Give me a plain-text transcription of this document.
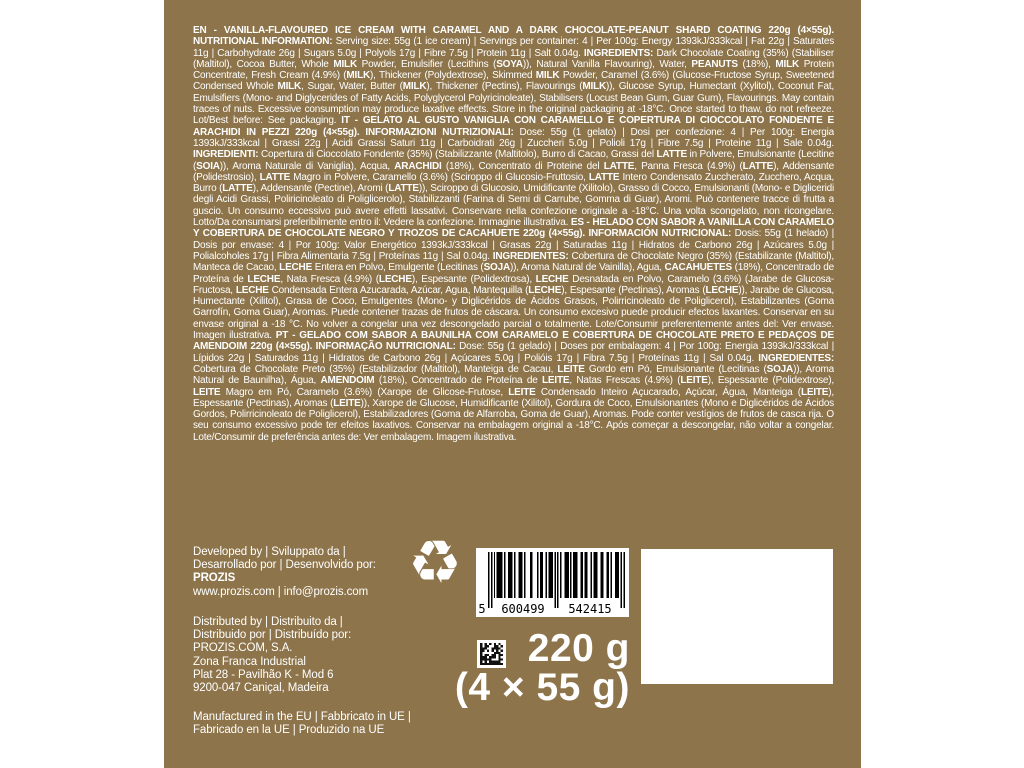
EN - VANILLA-FLAVOURED ICE CREAM WITH CARAMEL AND A DARK CHOCOLATE-PEANUT SHARD COATING 220g (4×55g). NUTRITIONAL INFORMATION: Serving size: 55g (1 ice cream) | Servings per container: 4 | Per 100g: Energy 1393kJ/333kcal | Fat 22g | Saturates 11g | Carbohydrate 26g | Sugars 5.0g | Polyols 17g | Fibre 7.5g | Protein 11g | Salt 0.04g. INGREDIENTS: Dark Chocolate Coating (35%) (Stabiliser (Maltitol), Cocoa Butter, Whole MILK Powder, Emulsifier (Lecithins (SOYA)), Natural Vanilla Flavouring), Water, PEANUTS (18%), MILK Protein Concentrate, Fresh Cream (4.9%) (MILK), Thickener (Polydextrose), Skimmed MILK Powder, Caramel (3.6%) (Glucose-Fructose Syrup, Sweetened Condensed Whole MILK, Sugar, Water, Butter (MILK), Thickener (Pectins), Flavourings (MILK)), Glucose Syrup, Humectant (Xylitol), Coconut Fat, Emulsifiers (Mono- and Diglycerides of Fatty Acids, Polyglycerol Polyricinoleate), Stabilisers (Locust Bean Gum, Guar Gum), Flavourings. May contain traces of nuts. Excessive consumption may produce laxative effects. Store in the original packaging at -18°C. Once started to thaw, do not refreeze. Lot/Best before: See packaging. IT - GELATO AL GUSTO VANIGLIA CON CARAMELLO E COPERTURA DI CIOCCOLATO FONDENTE E ARACHIDI IN PEZZI 220g (4×55g). INFORMAZIONI NUTRIZIONALI: Dose: 55g (1 gelato) | Dosi per confezione: 4 | Per 100g: Energia 1393kJ/333kcal | Grassi 22g | Acidi Grassi Saturi 11g | Carboidrati 26g | Zuccheri 5.0g | Polioli 17g | Fibre 7.5g | Proteine 11g | Sale 0.04g. INGREDIENTI: Copertura di Cioccolato Fondente (35%) (Stabilizzante (Maltitolo), Burro di Cacao, Grassi del LATTE in Polvere, Emulsionante (Lecitine (SOIA)), Aroma Naturale di Vaniglia), Acqua, ARACHIDI (18%), Concentrato di Proteine del LATTE, Panna Fresca (4.9%) (LATTE), Addensante (Polidestrosio), LATTE Magro in Polvere, Caramello (3.6%) (Sciroppo di Glucosio-Fruttosio, LATTE Intero Condensato Zuccherato, Zucchero, Acqua, Burro (LATTE), Addensante (Pectine), Aromi (LATTE)), Sciroppo di Glucosio, Umidificante (Xilitolo), Grasso di Cocco, Emulsionanti (Mono- e Digliceridi degli Acidi Grassi, Poliricinoleato di Poliglicerolo), Stabilizzanti (Farina di Semi di Carrube, Gomma di Guar), Aromi. Può contenere tracce di frutta a guscio. Un consumo eccessivo può avere effetti lassativi. Conservare nella confezione originale a -18°C. Una volta scongelato, non ricongelare. Lotto/Da consumarsi preferibilmente entro il: Vedere la confezione. Immagine illustrativa. ES - HELADO CON SABOR A VAINILLA CON CARAMELO Y COBERTURA DE CHOCOLATE NEGRO Y TROZOS DE CACAHUETE 220g (4×55g). INFORMACIÓN NUTRICIONAL: Dosis: 55g (1 helado) | Dosis por envase: 4 | Por 100g: Valor Energético 1393kJ/333kcal | Grasas 22g | Saturadas 11g | Hidratos de Carbono 26g | Azúcares 5.0g | Polialcoholes 17g | Fibra Alimentaria 7.5g | Proteínas 11g | Sal 0.04g. INGREDIENTES: Cobertura de Chocolate Negro (35%) (Estabilizante (Maltitol), Manteca de Cacao, LECHE Entera en Polvo, Emulgente (Lecitinas (SOJA)), Aroma Natural de Vainilla), Agua, CACAHUETES (18%), Concentrado de Proteína de LECHE, Nata Fresca (4.9%) (LECHE), Espesante (Polidextrosa), LECHE Desnatada en Polvo, Caramelo (3.6%) (Jarabe de Glucosa-Fructosa, LECHE Condensada Entera Azucarada, Azúcar, Agua, Mantequilla (LECHE), Espesante (Pectinas), Aromas (LECHE)), Jarabe de Glucosa, Humectante (Xilitol), Grasa de Coco, Emulgentes (Mono- y Diglicéridos de Ácidos Grasos, Polirricinoleato de Poliglicerol), Estabilizantes (Goma Garrofín, Goma Guar), Aromas. Puede contener trazas de frutos de cáscara. Un consumo excesivo puede producir efectos laxantes. Conservar en su envase original a -18 °C. No volver a congelar una vez descongelado parcial o totalmente. Lote/Consumir preferentemente antes del: Ver envase. Imagen ilustrativa. PT - GELADO COM SABOR A BAUNILHA COM CARAMELO E COBERTURA DE CHOCOLATE PRETO E PEDAÇOS DE AMENDOIM 220g (4×55g). INFORMAÇÃO NUTRICIONAL: Dose: 55g (1 gelado) | Doses por embalagem: 4 | Por 100g: Energia 1393kJ/333kcal | Lípidos 22g | Saturados 11g | Hidratos de Carbono 26g | Açúcares 5.0g | Polióis 17g | Fibra 7.5g | Proteínas 11g | Sal 0.04g. INGREDIENTES: Cobertura de Chocolate Preto (35%) (Estabilizador (Maltitol), Manteiga de Cacau, LEITE Gordo em Pó, Emulsionante (Lecitinas (SOJA)), Aroma Natural de Baunilha), Água, AMENDOIM (18%), Concentrado de Proteína de LEITE, Natas Frescas (4.9%) (LEITE), Espessante (Polidextrose), LEITE Magro em Pó, Caramelo (3.6%) (Xarope de Glicose-Frutose, LEITE Condensado Inteiro Açucarado, Açúcar, Água, Manteiga (LEITE), Espessante (Pectinas), Aromas (LEITE)), Xarope de Glucose, Humidificante (Xilitol), Gordura de Coco, Emulsionantes (Mono e Diglicéridos de Ácidos Gordos, Polirricinoleato de Poliglicerol), Estabilizadores (Goma de Alfarroba, Goma de Guar), Aromas. Pode conter vestígios de frutos de casca rija. O seu consumo excessivo pode ter efeitos laxativos. Conservar na embalagem original a -18°C. Após começar a descongelar, não voltar a congelar. Lote/Consumir de preferência antes de: Ver embalagem. Imagem ilustrativa.

Developed by | Sviluppato da |
Desarrollado por | Desenvolvido por:
PROZIS
www.prozis.com | info@prozis.com
Distributed by | Distribuito da |
Distribuido por | Distribuído por:
PROZIS.COM, S.A.
Zona Franca Industrial
Plat 28 - Pavilhão K - Mod 6
9200-047 Caniçal, Madeira
Manufactured in the EU | Fabbricato in UE |
Fabricado en la UE | Produzido na UE
♻
5	600499	542415
220 g
(4 × 55 g)
